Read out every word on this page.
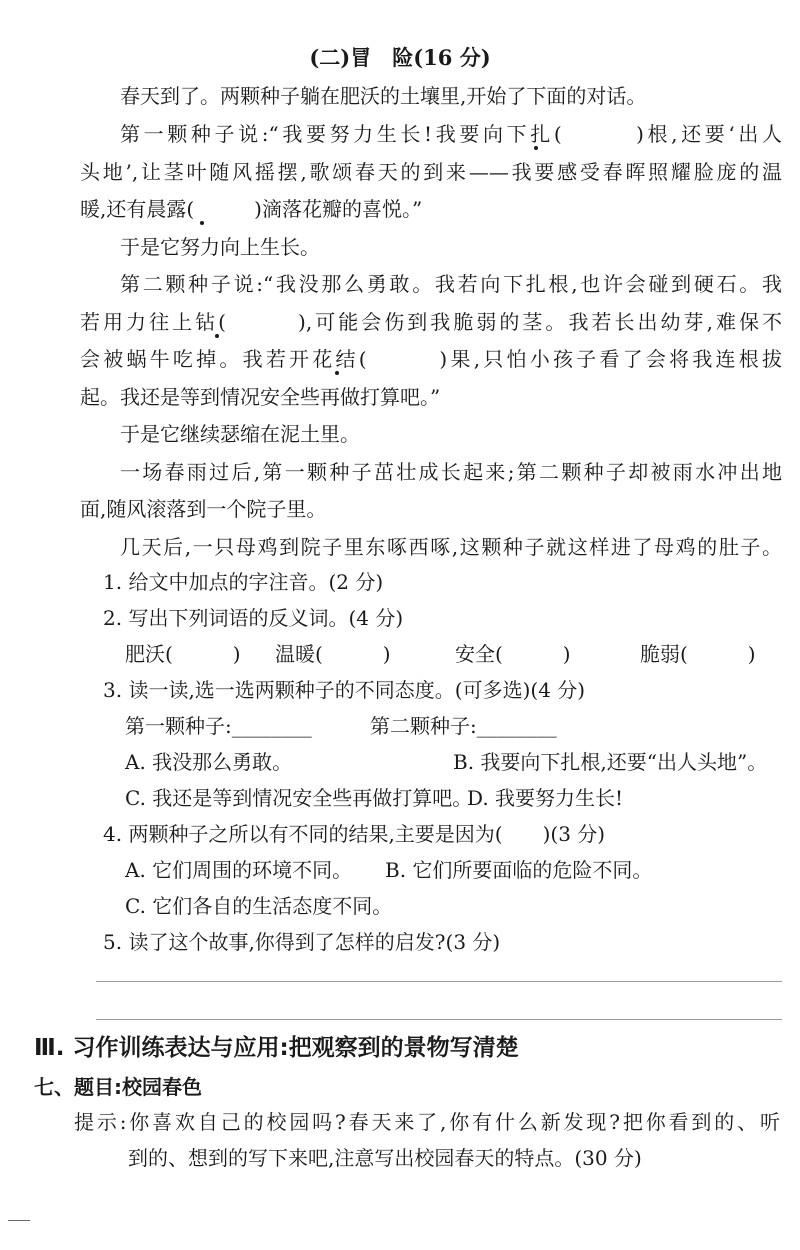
(二)冒　险(16 分)
春天到了。两颗种子躺在肥沃的土壤里,开始了下面的对话。
第一颗种子说:“我要努力生长!我要向下扎(　　　)根,还要‘出人
头地’,让茎叶随风摇摆,歌颂春天的到来——我要感受春晖照耀脸庞的温
暖,还有晨露(　　　)滴落花瓣的喜悦。”
于是它努力向上生长。
第二颗种子说:“我没那么勇敢。我若向下扎根,也许会碰到硬石。我
若用力往上钻(　　　),可能会伤到我脆弱的茎。我若长出幼芽,难保不
会被蜗牛吃掉。我若开花结(　　　)果,只怕小孩子看了会将我连根拔
起。我还是等到情况安全些再做打算吧。”
于是它继续瑟缩在泥土里。
一场春雨过后,第一颗种子茁壮成长起来;第二颗种子却被雨水冲出地
面,随风滚落到一个院子里。
几天后,一只母鸡到院子里东啄西啄,这颗种子就这样进了母鸡的肚子。
1. 给文中加点的字注音。(2 分)
2. 写出下列词语的反义词。(4 分)
肥沃(　　　) 温暖(　　　)	安全(　　　)	脆弱(　　　)
3. 读一读,选一选两颗种子的不同态度。(可多选)(4 分)
第一颗种子:________	第二颗种子:________
A. 我没那么勇敢。	B. 我要向下扎根,还要“出人头地”。
C. 我还是等到情况安全些再做打算吧。
D. 我要努力生长!
4. 两颗种子之所以有不同的结果,主要是因为(　　)(3 分)
A. 它们周围的环境不同。 B. 它们所要面临的危险不同。
C. 它们各自的生活态度不同。
5. 读了这个故事,你得到了怎样的启发?(3 分)
Ⅲ. 习作训练表达与应用:把观察到的景物写清楚
七、题目:校园春色
提示:你喜欢自己的校园吗?春天来了,你有什么新发现?把你看到的、听
到的、想到的写下来吧,注意写出校园春天的特点。(30 分)
